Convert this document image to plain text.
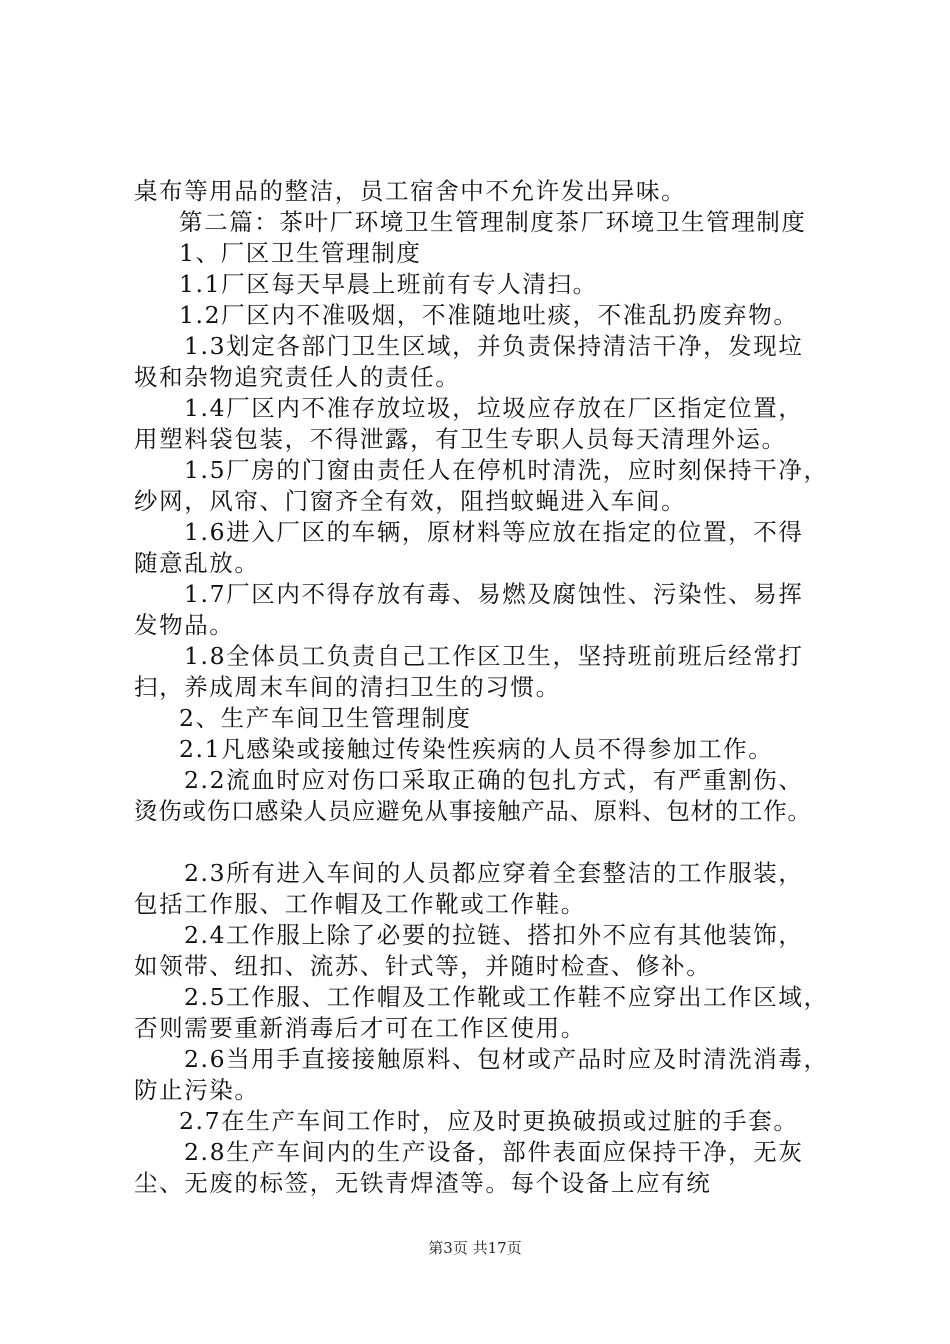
桌布等用品的整洁，员工宿舍中不允许发出异味。
第二篇：茶叶厂环境卫生管理制度茶厂环境卫生管理制度
1、厂区卫生管理制度
1.1厂区每天早晨上班前有专人清扫。
1.2厂区内不准吸烟，不准随地吐痰，不准乱扔废弃物。
1.3划定各部门卫生区域，并负责保持清洁干净，发现垃
圾和杂物追究责任人的责任。
1.4厂区内不准存放垃圾，垃圾应存放在厂区指定位置，
用塑料袋包装，不得泄露，有卫生专职人员每天清理外运。
1.5厂房的门窗由责任人在停机时清洗，应时刻保持干净，
纱网，风帘、门窗齐全有效，阻挡蚊蝇进入车间。
1.6进入厂区的车辆，原材料等应放在指定的位置，不得
随意乱放。
1.7厂区内不得存放有毒、易燃及腐蚀性、污染性、易挥
发物品。
1.8全体员工负责自己工作区卫生，坚持班前班后经常打
扫，养成周末车间的清扫卫生的习惯。
2、生产车间卫生管理制度
2.1凡感染或接触过传染性疾病的人员不得参加工作。
2.2流血时应对伤口采取正确的包扎方式，有严重割伤、
烫伤或伤口感染人员应避免从事接触产品、原料、包材的工作。
2.3所有进入车间的人员都应穿着全套整洁的工作服装，
包括工作服、工作帽及工作靴或工作鞋。
2.4工作服上除了必要的拉链、搭扣外不应有其他装饰，
如领带、纽扣、流苏、针式等，并随时检查、修补。
2.5工作服、工作帽及工作靴或工作鞋不应穿出工作区域，
否则需要重新消毒后才可在工作区使用。
2.6当用手直接接触原料、包材或产品时应及时清洗消毒，
防止污染。
2.7在生产车间工作时，应及时更换破损或过脏的手套。
2.8生产车间内的生产设备，部件表面应保持干净，无灰
尘、无废的标签，无铁青焊渣等。每个设备上应有统
第3页 共17页
